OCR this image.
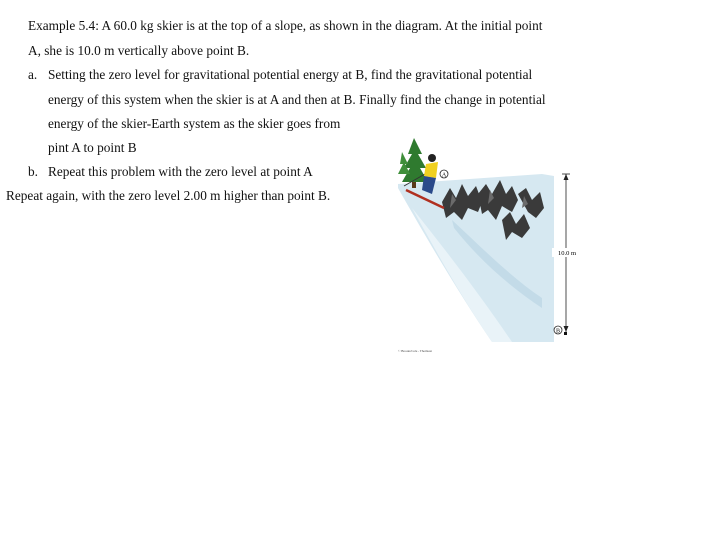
Example 5.4: A 60.0 kg skier is at the top of a slope, as shown in the diagram. At the initial point
A, she is 10.0 m vertically above point B.
a. Setting the zero level for gravitational potential energy at B, find the gravitational potential
energy of this system when the skier is at A and then at B. Finally find the change in potential
energy of the skier-Earth system as the skier goes from
pint A to point B
b. Repeat this problem with the zero level at point A
Repeat again, with the zero level 2.00 m higher than point B.
A
B
10.0 m
© Brooks/Cole - Thomson
